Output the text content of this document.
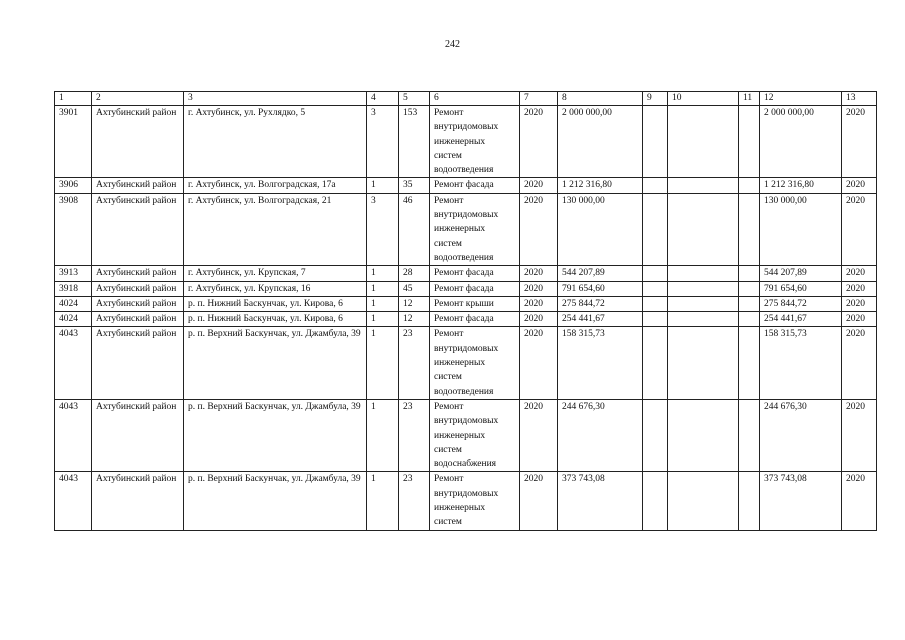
242
1	2	3	4	5	6	7	8	9	10	11	12	13
3901	Ахтубинский район	г. Ахтубинск, ул. Рухлядко, 5	3	153	Ремонт внутридомовых инженерных систем водоотведения	2020	2 000 000,00				2 000 000,00	2020
3906	Ахтубинский район	г. Ахтубинск, ул. Волгоградская, 17а	1	35	Ремонт фасада	2020	1 212 316,80				1 212 316,80	2020
3908	Ахтубинский район	г. Ахтубинск, ул. Волгоградская, 21	3	46	Ремонт внутридомовых инженерных систем водоотведения	2020	130 000,00				130 000,00	2020
3913	Ахтубинский район	г. Ахтубинск, ул. Крупская, 7	1	28	Ремонт фасада	2020	544 207,89				544 207,89	2020
3918	Ахтубинский район	г. Ахтубинск, ул. Крупская, 16	1	45	Ремонт фасада	2020	791 654,60				791 654,60	2020
4024	Ахтубинский район	р. п. Нижний Баскунчак, ул. Кирова, 6	1	12	Ремонт крыши	2020	275 844,72				275 844,72	2020
4024	Ахтубинский район	р. п. Нижний Баскунчак, ул. Кирова, 6	1	12	Ремонт фасада	2020	254 441,67				254 441,67	2020
4043	Ахтубинский район	р. п. Верхний Баскунчак, ул. Джамбула, 39	1	23	Ремонт внутридомовых инженерных систем водоотведения	2020	158 315,73				158 315,73	2020
4043	Ахтубинский район	р. п. Верхний Баскунчак, ул. Джамбула, 39	1	23	Ремонт внутридомовых инженерных систем водоснабжения	2020	244 676,30				244 676,30	2020
4043	Ахтубинский район	р. п. Верхний Баскунчак, ул. Джамбула, 39	1	23	Ремонт внутридомовых инженерных систем	2020	373 743,08				373 743,08	2020
